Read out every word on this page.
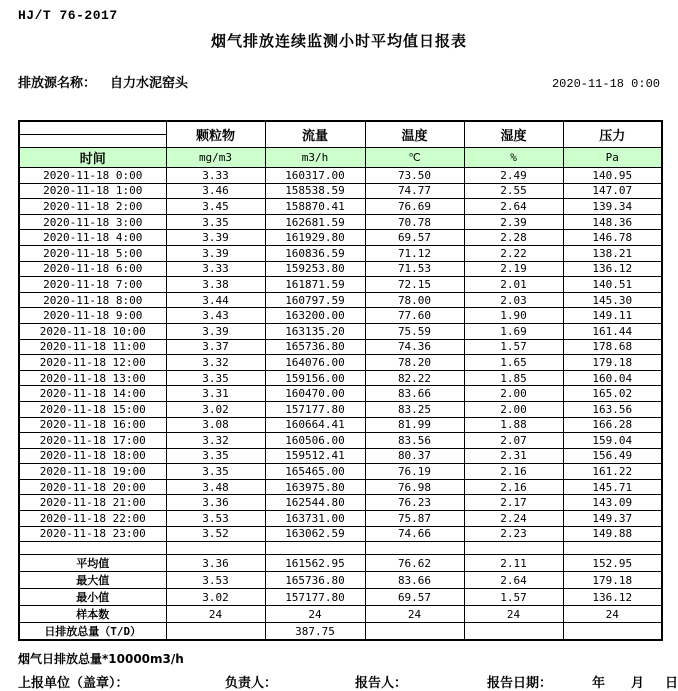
HJ/T 76-2017
烟气排放连续监测小时平均值日报表
排放源名称： 自力水泥窑头	2020-11-18 0:00
	颗粒物	流量	温度	湿度	压力

时间	mg/m3	m3/h	℃	%	Pa
2020-11-18 0:00	3.33	160317.00	73.50	2.49	140.95
2020-11-18 1:00	3.46	158538.59	74.77	2.55	147.07
2020-11-18 2:00	3.45	158870.41	76.69	2.64	139.34
2020-11-18 3:00	3.35	162681.59	70.78	2.39	148.36
2020-11-18 4:00	3.39	161929.80	69.57	2.28	146.78
2020-11-18 5:00	3.39	160836.59	71.12	2.22	138.21
2020-11-18 6:00	3.33	159253.80	71.53	2.19	136.12
2020-11-18 7:00	3.38	161871.59	72.15	2.01	140.51
2020-11-18 8:00	3.44	160797.59	78.00	2.03	145.30
2020-11-18 9:00	3.43	163200.00	77.60	1.90	149.11
2020-11-18 10:00	3.39	163135.20	75.59	1.69	161.44
2020-11-18 11:00	3.37	165736.80	74.36	1.57	178.68
2020-11-18 12:00	3.32	164076.00	78.20	1.65	179.18
2020-11-18 13:00	3.35	159156.00	82.22	1.85	160.04
2020-11-18 14:00	3.31	160470.00	83.66	2.00	165.02
2020-11-18 15:00	3.02	157177.80	83.25	2.00	163.56
2020-11-18 16:00	3.08	160664.41	81.99	1.88	166.28
2020-11-18 17:00	3.32	160506.00	83.56	2.07	159.04
2020-11-18 18:00	3.35	159512.41	80.37	2.31	156.49
2020-11-18 19:00	3.35	165465.00	76.19	2.16	161.22
2020-11-18 20:00	3.48	163975.80	76.98	2.16	145.71
2020-11-18 21:00	3.36	162544.80	76.23	2.17	143.09
2020-11-18 22:00	3.53	163731.00	75.87	2.24	149.37
2020-11-18 23:00	3.52	163062.59	74.66	2.23	149.88

平均值	3.36	161562.95	76.62	2.11	152.95
最大值	3.53	165736.80	83.66	2.64	179.18
最小值	3.02	157177.80	69.57	1.57	136.12
样本数	24	24	24	24	24
日排放总量（T/D）		387.75			
烟气日排放总量*10000m3/h
上报单位（盖章）：	负责人：	报告人：	报告日期：	年 月 日
